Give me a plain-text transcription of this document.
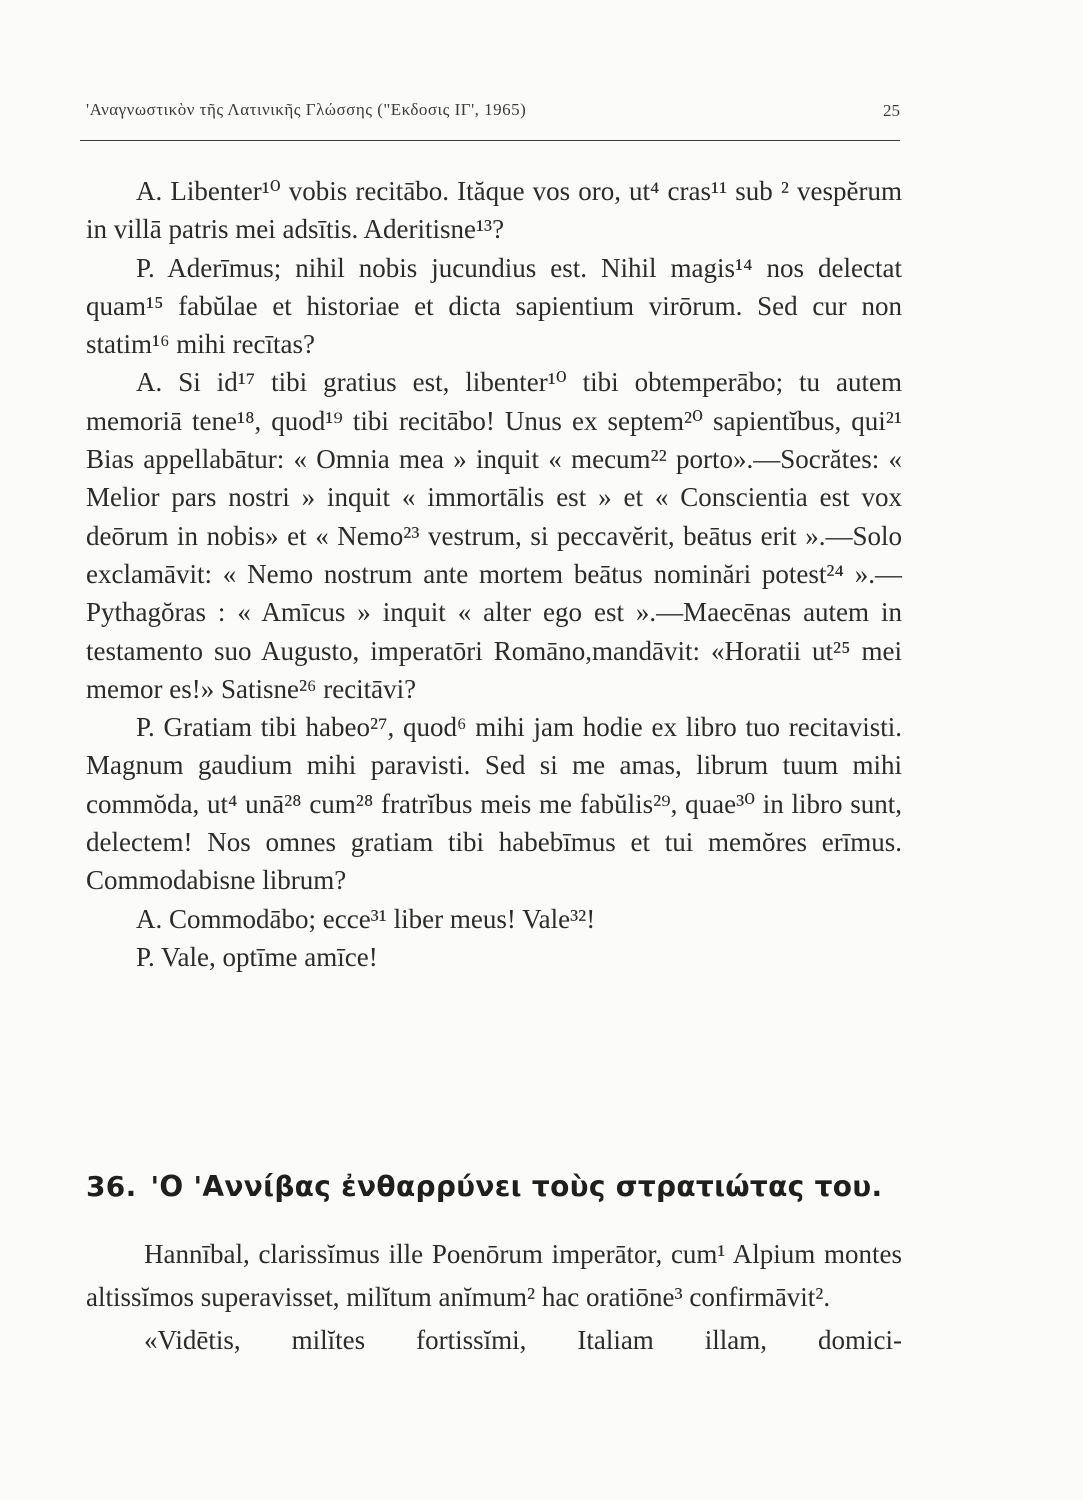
'Αναγνωστικὸν τῆς Λατινικῆς Γλώσσης ("Εκδοσις ΙΓ', 1965)	25

A. Libenter¹⁰ vobis recitābo. Ităque vos oro, ut⁴ cras¹¹ sub ² vespĕrum in villā patris mei adsītis. Aderitisne¹³?

P. Aderīmus; nihil nobis jucundius est. Nihil magis¹⁴ nos delectat quam¹⁵ fabŭlae et historiae et dicta sapientium virōrum. Sed cur non statim¹⁶ mihi recītas?

A. Si id¹⁷ tibi gratius est, libenter¹⁰ tibi obtemperābo; tu autem memoriā tene¹⁸, quod¹⁹ tibi recitābo! Unus ex septem²⁰ sapientĭbus, qui²¹ Bias appellabātur: « Omnia mea » inquit « mecum²² porto».—Socrătes: « Melior pars nostri » inquit « immortālis est » et « Conscientia est vox deōrum in nobis» et « Nemo²³ vestrum, si peccavĕrit, beātus erit ».—Solo exclamāvit: « Nemo nostrum ante mortem beātus nominări potest²⁴ ».—Pythagŏras : « Amīcus » inquit « alter ego est ».—Maecēnas autem in testamento suo Augusto, imperatōri Romāno,mandāvit: «Horatii ut²⁵ mei memor es!» Satisne²⁶ recitāvi?

P. Gratiam tibi habeo²⁷, quod⁶ mihi jam hodie ex libro tuo recitavisti. Magnum gaudium mihi paravisti. Sed si me amas, librum tuum mihi commŏda, ut⁴ unā²⁸ cum²⁸ fratrĭbus meis me fabŭlis²⁹, quae³⁰ in libro sunt, delectem! Nos omnes gratiam tibi habebīmus et tui memŏres erīmus. Commodabisne librum?

A. Commodābo; ecce³¹ liber meus! Vale³²!

P. Vale, optīme amīce!

36. 'Ο 'Αννίβας ἐνθαρρύνει τοὺς στρατιώτας του.

Hannībal, clarissĭmus ille Poenōrum imperātor, cum¹ Alpium montes altissĭmos superavisset, milĭtum anĭmum² hac oratiōne³ confirmāvit².

«Vidētis, milĭtes fortissĭmi, Italiam illam, domici-
